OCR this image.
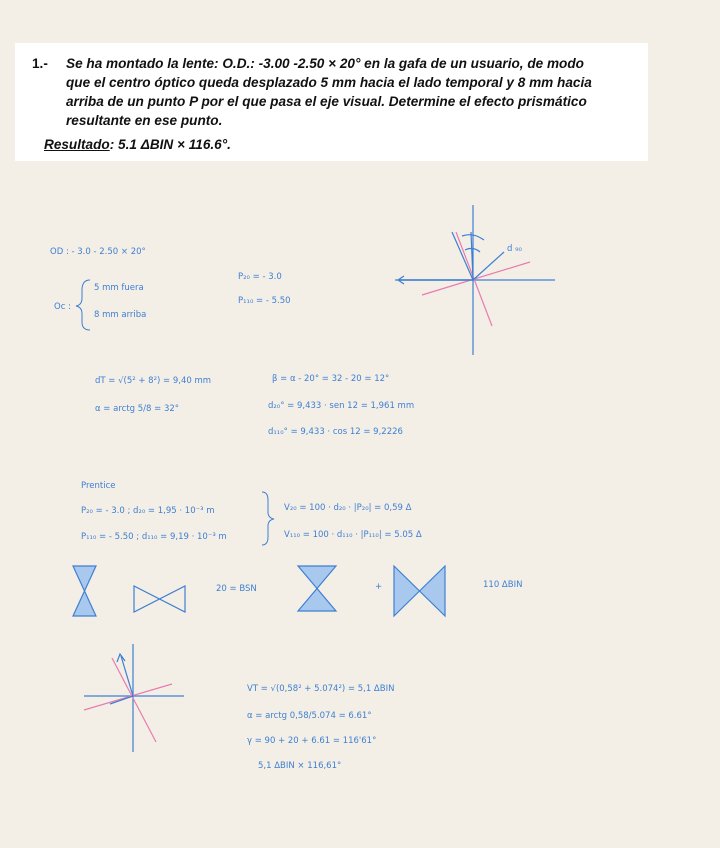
1.- Se ha montado la lente: O.D.: -3.00 -2.50 × 20° en la gafa de un usuario, de modo
que el centro óptico queda desplazado 5 mm hacia el lado temporal y 8 mm hacia
arriba de un punto P por el que pasa el eje visual. Determine el efecto prismático
resultante en ese punto.
Resultado: 5.1 ΔBIN × 116.6°.
OD : - 3.0 - 2.50 × 20°
Oc :
5 mm fuera
8 mm arriba
P₂₀ = - 3.0
P₁₁₀ = - 5.50
d ₉₀
dT = √(5² + 8²) = 9,40 mm
α = arctg 5/8 = 32°
β = α - 20° = 32 - 20 = 12°
d₂₀° = 9,433 · sen 12 = 1,961 mm
d₁₁₀° = 9,433 · cos 12 = 9,2226
Prentice
P₂₀ = - 3.0 ; d₂₀ = 1,95 · 10⁻³ m
P₁₁₀ = - 5.50 ; d₁₁₀ = 9,19 · 10⁻³ m
V₂₀ = 100 · d₂₀ · |P₂₀| = 0,59 Δ
V₁₁₀ = 100 · d₁₁₀ · |P₁₁₀| = 5.05 Δ
20 = BSN	+	110 ΔBIN
VT = √(0,58² + 5.074²) = 5,1 ΔBIN
α = arctg 0,58/5.074 = 6.61°
γ = 90 + 20 + 6.61 = 116'61°
5,1 ΔBIN × 116,61°
